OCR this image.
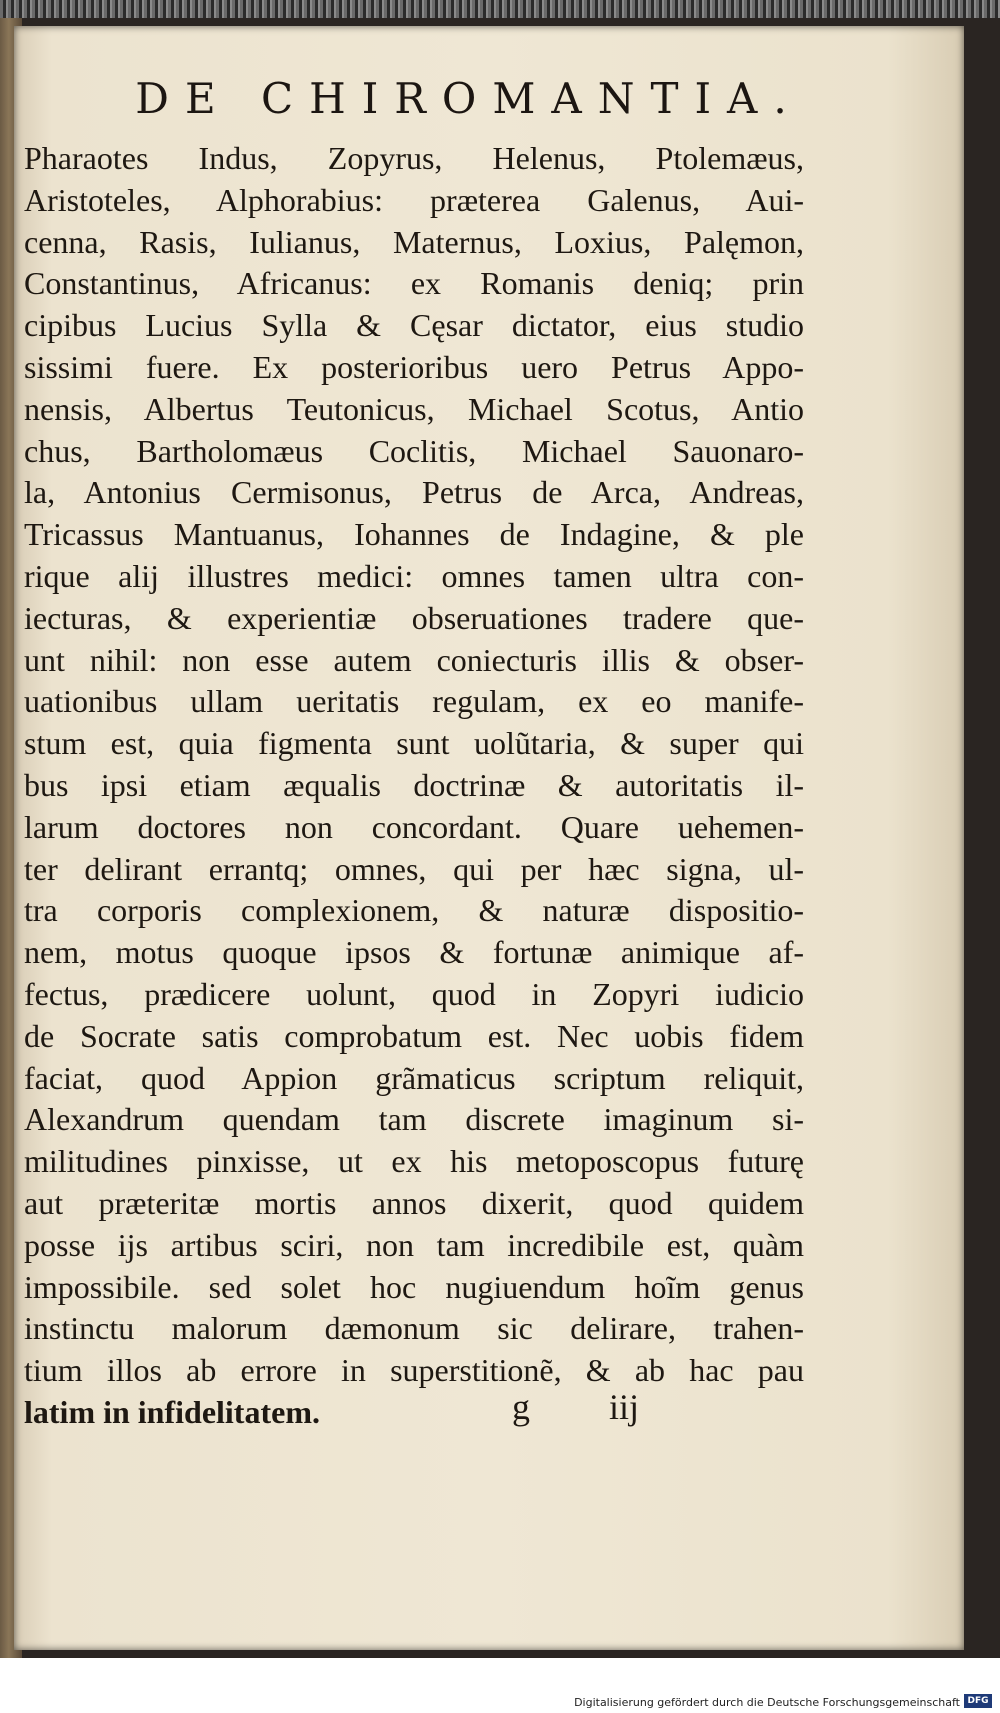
DE CHIROMANTIA.
Pharaotes Indus, Zopyrus, Helenus, Ptolemæus,
Aristoteles, Alphorabius: præterea Galenus, Aui-
cenna, Rasis, Iulianus, Maternus, Loxius, Palęmon,
Constantinus, Africanus: ex Romanis deniq; prin
cipibus Lucius Sylla & Cęsar dictator, eius studio
sissimi fuere. Ex posterioribus uero Petrus Appo-
nensis, Albertus Teutonicus, Michael Scotus, Antio
chus, Bartholomæus Coclitis, Michael Sauonaro-
la, Antonius Cermisonus, Petrus de Arca, Andreas,
Tricassus Mantuanus, Iohannes de Indagine, & ple
rique alij illustres medici: omnes tamen ultra con-
iecturas, & experientiæ obseruationes tradere que-
unt nihil: non esse autem coniecturis illis & obser-
uationibus ullam ueritatis regulam, ex eo manife-
stum est, quia figmenta sunt uolũtaria, & super qui
bus ipsi etiam æqualis doctrinæ & autoritatis il-
larum doctores non concordant. Quare uehemen-
ter delirant errantq; omnes, qui per hæc signa, ul-
tra corporis complexionem, & naturæ dispositio-
nem, motus quoque ipsos & fortunæ animique af-
fectus, prædicere uolunt, quod in Zopyri iudicio
de Socrate satis comprobatum est. Nec uobis fidem
faciat, quod Appion grãmaticus scriptum reliquit,
Alexandrum quendam tam discrete imaginum si-
militudines pinxisse, ut ex his metoposcopus futurę
aut præteritæ mortis annos dixerit, quod quidem
posse ijs artibus sciri, non tam incredibile est, quàm
impossibile. sed solet hoc nugiuendum hoĩm genus
instinctu malorum dæmonum sic delirare, trahen-
tium illos ab errore in superstitionẽ, & ab hac pau
latim in infidelitatem.	g iij
Digitalisierung gefördert durch die Deutsche Forschungsgemeinschaft DFG
